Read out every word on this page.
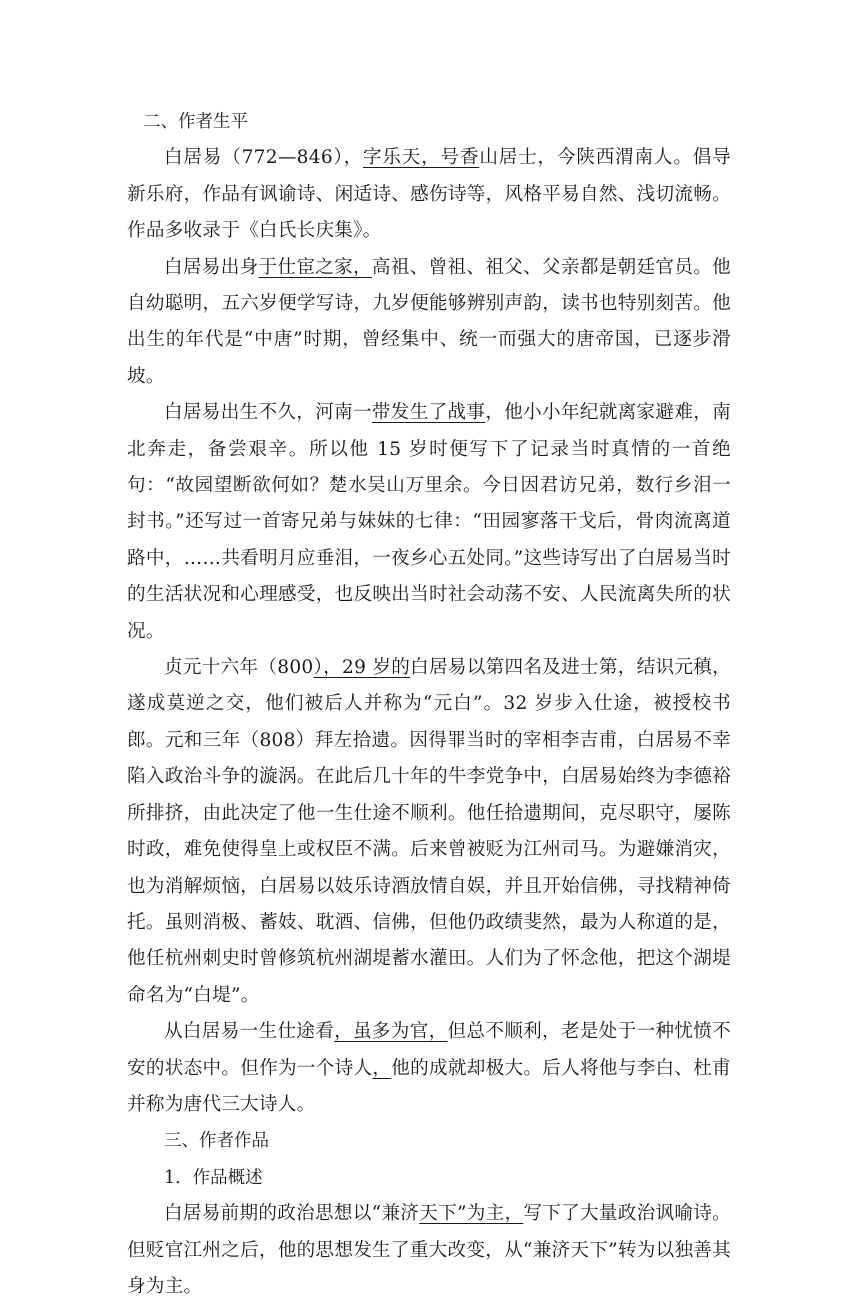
二、作者生平

白居易（772—846），字乐天，号香山居士，今陕西渭南人。倡导新乐府，作品有讽谕诗、闲适诗、感伤诗等，风格平易自然、浅切流畅。作品多收录于《白氏长庆集》。

白居易出身于仕宦之家，高祖、曾祖、祖父、父亲都是朝廷官员。他自幼聪明，五六岁便学写诗，九岁便能够辨别声韵，读书也特别刻苦。他出生的年代是“中唐”时期，曾经集中、统一而强大的唐帝国，已逐步滑坡。

白居易出生不久，河南一带发生了战事，他小小年纪就离家避难，南北奔走，备尝艰辛。所以他 15 岁时便写下了记录当时真情的一首绝句：“故园望断欲何如？楚水吴山万里余。今日因君访兄弟，数行乡泪一封书。”还写过一首寄兄弟与妹妹的七律：“田园寥落干戈后，骨肉流离道路中，……共看明月应垂泪，一夜乡心五处同。”这些诗写出了白居易当时的生活状况和心理感受，也反映出当时社会动荡不安、人民流离失所的状况。

贞元十六年（800），29 岁的白居易以第四名及进士第，结识元稹，遂成莫逆之交，他们被后人并称为“元白”。32 岁步入仕途，被授校书郎。元和三年（808）拜左拾遗。因得罪当时的宰相李吉甫，白居易不幸陷入政治斗争的漩涡。在此后几十年的牛李党争中，白居易始终为李德裕所排挤，由此决定了他一生仕途不顺利。他任拾遗期间，克尽职守，屡陈时政，难免使得皇上或权臣不满。后来曾被贬为江州司马。为避嫌消灾，也为消解烦恼，白居易以妓乐诗酒放情自娱，并且开始信佛，寻找精神倚托。虽则消极、蓄妓、耽酒、信佛，但他仍政绩斐然，最为人称道的是，他任杭州刺史时曾修筑杭州湖堤蓄水灌田。人们为了怀念他，把这个湖堤命名为“白堤”。

从白居易一生仕途看，虽多为官，但总不顺利，老是处于一种忧愤不安的状态中。但作为一个诗人，他的成就却极大。后人将他与李白、杜甫并称为唐代三大诗人。

三、作者作品
1．作品概述

白居易前期的政治思想以“兼济天下”为主，写下了大量政治讽喻诗。但贬官江州之后，他的思想发生了重大改变，从“兼济天下”转为以独善其身为主。
